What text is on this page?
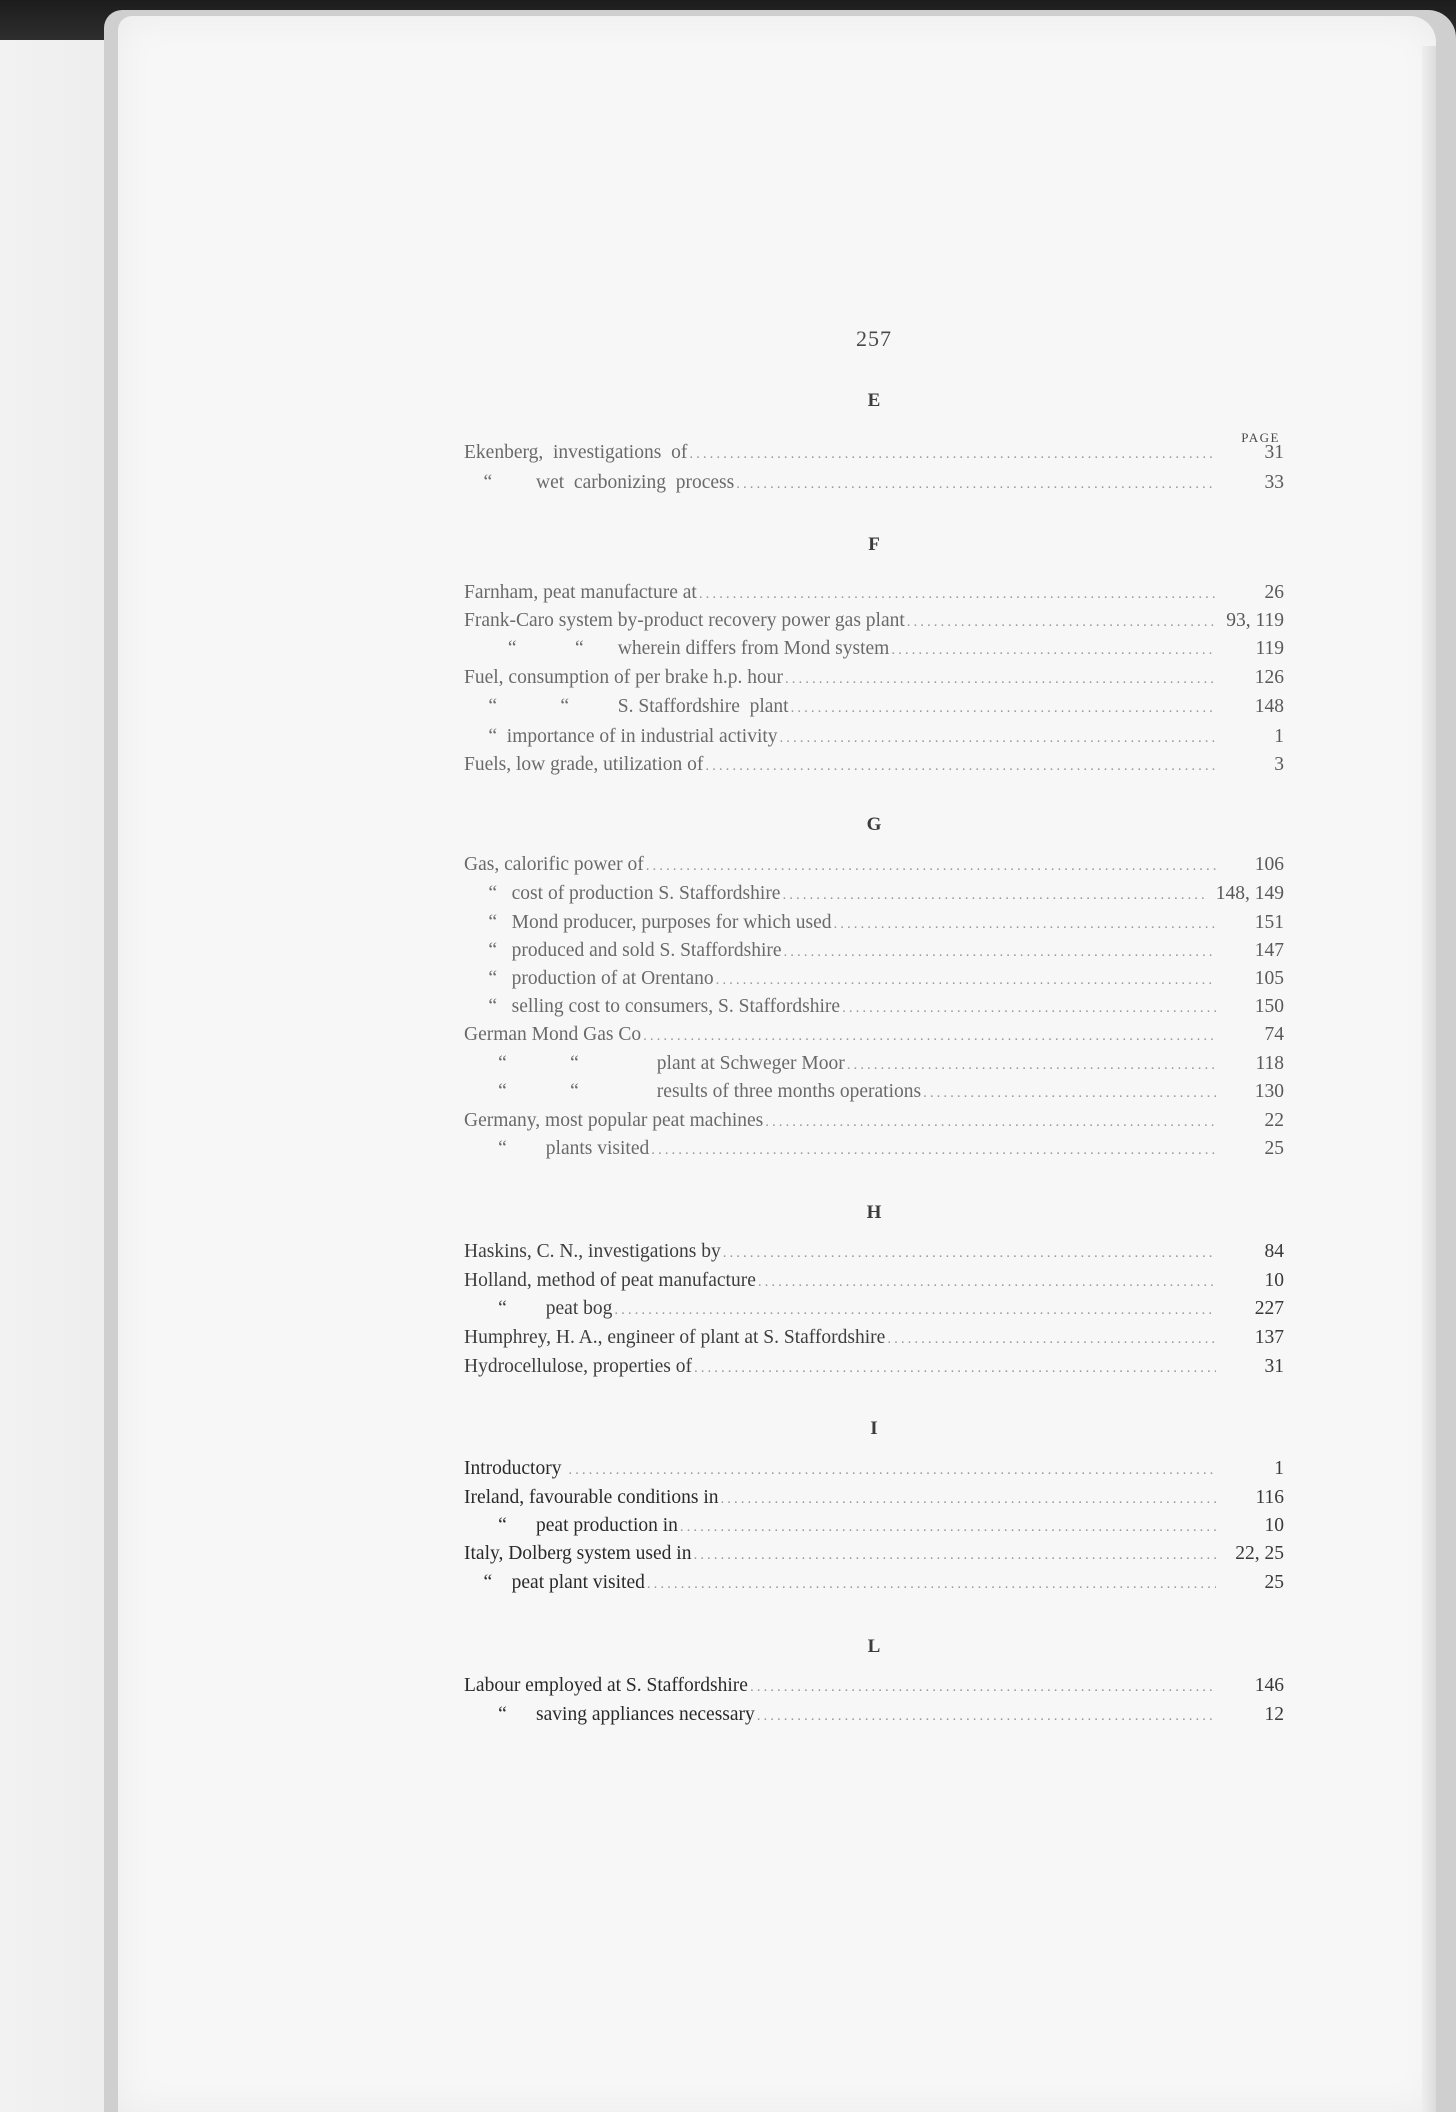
257
E
PAGE
Ekenberg,  investigations  of .....	31
“         wet  carbonizing  process .....	33
F
Farnham, peat manufacture at .....	26
Frank-Caro system by-product recovery power gas plant .....	93, 119
“            “       wherein differs from Mond system .....	119
Fuel, consumption of per brake h.p. hour .....	126
“             “          S. Staffordshire  plant .....	148
“  importance of in industrial activity .....	1
Fuels, low grade, utilization of .....	3
G
Gas, calorific power of .....	106
“   cost of production S. Staffordshire .....	148, 149
“   Mond producer, purposes for which used .....	151
“   produced and sold S. Staffordshire .....	147
“   production of at Orentano .....	105
“   selling cost to consumers, S. Staffordshire .....	150
German Mond Gas Co .....	74
“             “                plant at Schweger Moor .....	118
“             “                results of three months operations .....	130
Germany, most popular peat machines .....	22
“        plants visited .....	25
H
Haskins, C. N., investigations by .....	84
Holland, method of peat manufacture .....	10
“        peat bog .....	227
Humphrey, H. A., engineer of plant at S. Staffordshire .....	137
Hydrocellulose, properties of .....	31
I
Introductory .....	1
Ireland, favourable conditions in .....	116
“      peat production in .....	10
Italy, Dolberg system used in .....	22, 25
“    peat plant visited .....	25
L
Labour employed at S. Staffordshire .....	146
“      saving appliances necessary .....	12
